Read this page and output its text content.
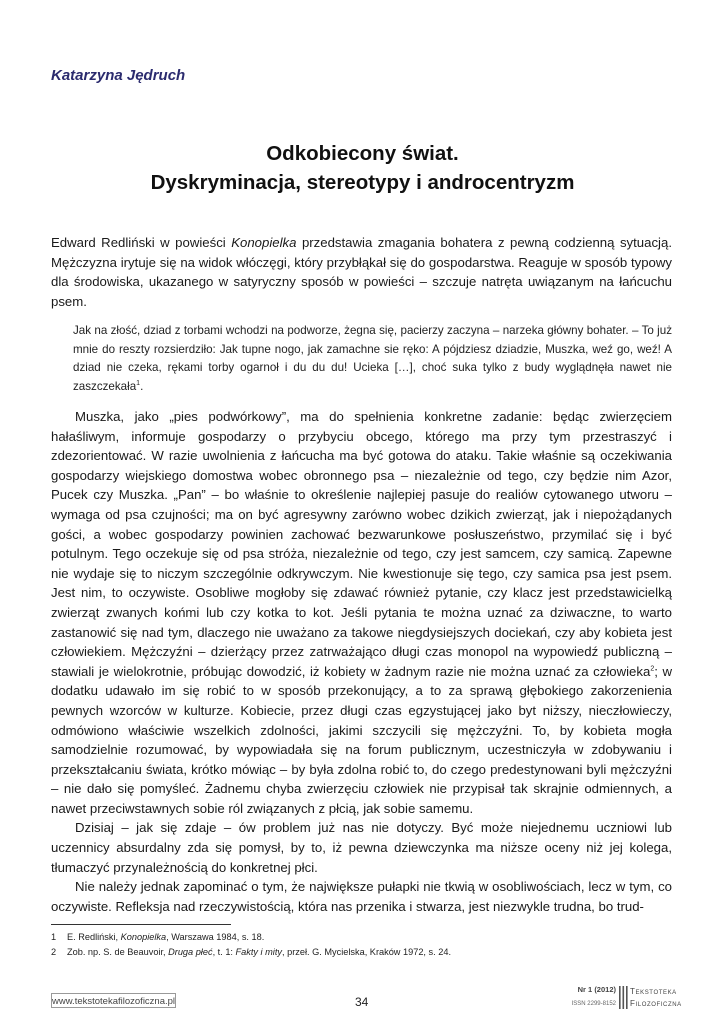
Katarzyna Jędruch
Odkobiecony świat.
Dyskryminacja, stereotypy i androcentryzm

Edward Redliński w powieści Konopielka przedstawia zmagania bohatera z pewną codzienną sytuacją. Mężczyzna irytuje się na widok włóczęgi, który przybłąkał się do gospodarstwa. Reaguje w sposób typowy dla środowiska, ukazanego w satyryczny sposób w powieści – szczuje natręta uwiązanym na łańcuchu psem.

Jak na złość, dziad z torbami wchodzi na podworze, żegna się, pacierzy zaczyna – narzeka główny bohater. – To już mnie do reszty rozsierdziło: Jak tupne nogo, jak zamachne sie ręko: A pójdziesz dziadzie, Muszka, weź go, weź! A dziad nie czeka, rękami torby ogarnoł i du du du! Ucieka […], choć suka tylko z budy wyglądnęła nawet nie zaszczekała$^1$.

Muszka, jako „pies podwórkowy”, ma do spełnienia konkretne zadanie: będąc zwierzęciem hałaśliwym, informuje gospodarzy o przybyciu obcego, którego ma przy tym przestraszyć i zdezorientować. W razie uwolnienia z łańcucha ma być gotowa do ataku. Takie właśnie są oczekiwania gospodarzy wiejskiego domostwa wobec obronnego psa – niezależnie od tego, czy będzie nim Azor, Pucek czy Muszka. „Pan” – bo właśnie to określenie najlepiej pasuje do realiów cytowanego utworu – wymaga od psa czujności; ma on być agresywny zarówno wobec dzikich zwierząt, jak i niepożądanych gości, a wobec gospodarzy powinien zachować bezwarunkowe posłuszeństwo, przymilać się i być potulnym. Tego oczekuje się od psa stróża, niezależnie od tego, czy jest samcem, czy samicą. Zapewne nie wydaje się to niczym szczególnie odkrywczym. Nie kwestionuje się tego, czy samica psa jest psem. Jest nim, to oczywiste. Osobliwe mogłoby się zdawać również pytanie, czy klacz jest przedstawicielką zwierząt zwanych końmi lub czy kotka to kot. Jeśli pytania te można uznać za dziwaczne, to warto zastanowić się nad tym, dlaczego nie uważano za takowe niegdysiejszych dociekań, czy aby kobieta jest człowiekiem. Mężczyźni – dzierżący przez zatrważająco długi czas monopol na wypowiedź publiczną – stawiali je wielokrotnie, próbując dowodzić, iż kobiety w żadnym razie nie można uznać za człowieka$^2$; w dodatku udawało im się robić to w sposób przekonujący, a to za sprawą głębokiego zakorzenienia pewnych wzorców w kulturze. Kobiecie, przez długi czas egzystującej jako byt niższy, nieczłowieczy, odmówiono właściwie wszelkich zdolności, jakimi szczycili się mężczyźni. To, by kobieta mogła samodzielnie rozumować, by wypowiadała się na forum publicznym, uczestniczyła w zdobywaniu i przekształcaniu świata, krótko mówiąc – by była zdolna robić to, do czego predestynowani byli mężczyźni – nie dało się pomyśleć. Żadnemu chyba zwierzęciu człowiek nie przypisał tak skrajnie odmiennych, a nawet przeciwstawnych sobie ról związanych z płcią, jak sobie samemu.

Dzisiaj – jak się zdaje – ów problem już nas nie dotyczy. Być może niejednemu uczniowi lub uczennicy absurdalny zda się pomysł, by to, iż pewna dziewczynka ma niższe oceny niż jej kolega, tłumaczyć przynależnością do konkretnej płci.

Nie należy jednak zapominać o tym, że największe pułapki nie tkwią w osobliwościach, lecz w tym, co oczywiste. Refleksja nad rzeczywistością, która nas przenika i stwarza, jest niezwykle trudna, bo trud-

1 E. Redliński, Konopielka, Warszawa 1984, s. 18.
2 Zob. np. S. de Beauvoir, Druga płeć, t. 1: Fakty i mity, przeł. G. Mycielska, Kraków 1972, s. 24.
www.tekstotekafilozoficzna.pl	34
Nr 1 (2012)
ISSN 2299-8152
Tekstoteka
Filozoficzna
